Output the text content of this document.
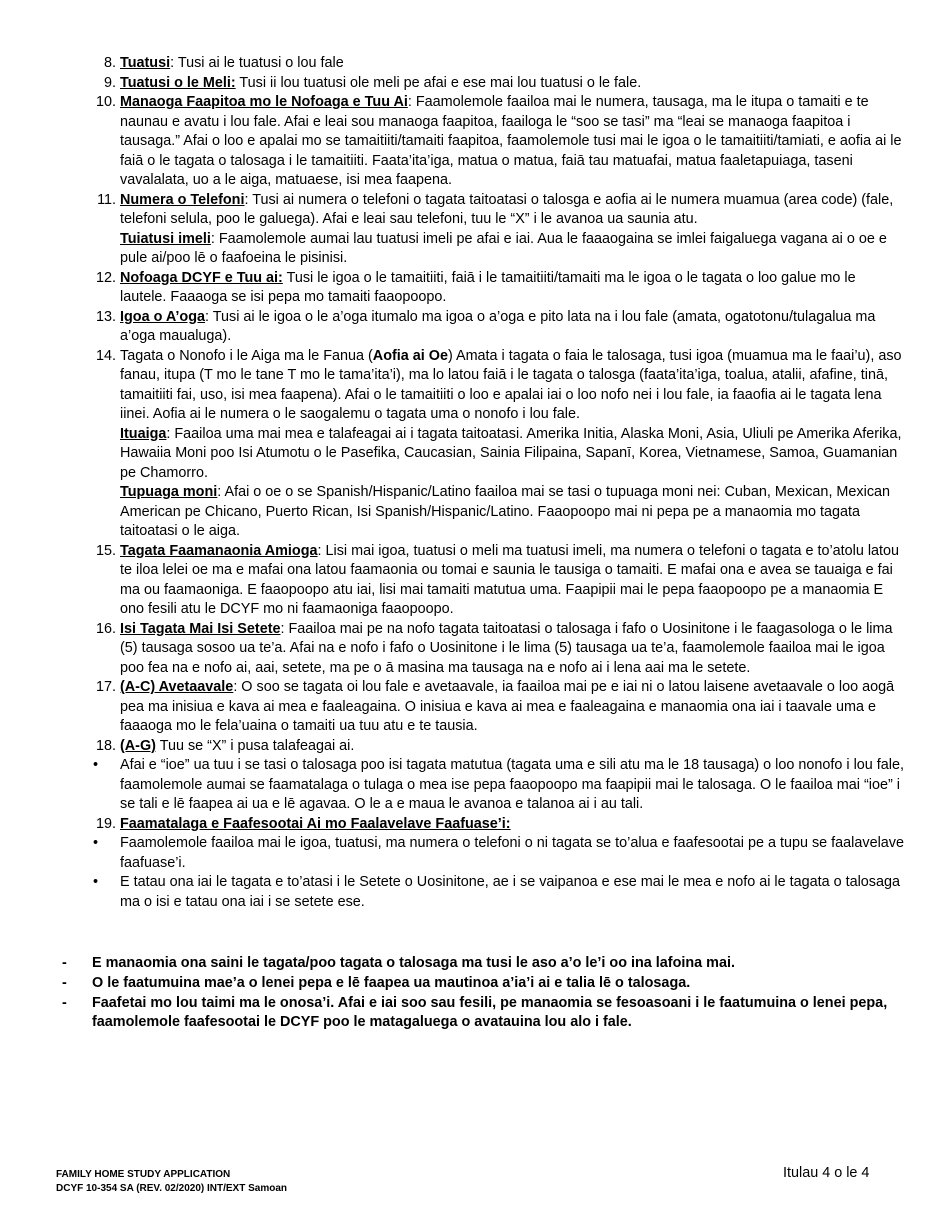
8. Tuatusi: Tusi ai le tuatusi o lou fale

9. Tuatusi o le Meli: Tusi ii lou tuatusi ole meli pe afai e ese mai lou tuatusi o le fale.

10. Manaoga Faapitoa mo le Nofoaga e Tuu Ai: Faamolemole faailoa mai le numera, tausaga, ma le itupa o tamaiti e te naunau e avatu i lou fale. Afai e leai sou manaoga faapitoa, faailoga le “soo se tasi” ma “leai se manaoga faapitoa i tausaga.” Afai o loo e apalai mo se tamaitiiti/tamaiti faapitoa, faamolemole tusi mai le igoa o le tamaitiiti/tamiati, e aofia ai le faiā o le tagata o talosaga i le tamaitiiti. Faata’ita’iga, matua o matua, faiā tau matuafai, matua faaletapuiaga, taseni vavalalata, uo a le aiga, matuaese, isi mea faapena.

11. Numera o Telefoni: Tusi ai numera o telefoni o tagata taitoatasi o talosga e aofia ai le numera muamua (area code) (fale, telefoni selula, poo le galuega). Afai e leai sau telefoni, tuu le “X” i le avanoa ua saunia atu.

Tuiatusi imeli: Faamolemole aumai lau tuatusi imeli pe afai e iai. Aua le faaaogaina se imlei faigaluega vagana ai o oe e pule ai/poo lē o faafoeina le pisinisi.

12. Nofoaga DCYF e Tuu ai: Tusi le igoa o le tamaitiiti, faiā i le tamaitiiti/tamaiti ma le igoa o le tagata o loo galue mo le lautele. Faaaoga se isi pepa mo tamaiti faaopoopo.

13. Igoa o A’oga: Tusi ai le igoa o le a’oga itumalo ma igoa o a’oga e pito lata na i lou fale (amata, ogatotonu/tulagalua ma a’oga maualuga).

14. Tagata o Nonofo i le Aiga ma le Fanua (Aofia ai Oe) Amata i tagata o faia le talosaga, tusi igoa (muamua ma le faai’u), aso fanau, itupa (T mo le tane T mo le tama’ita’i), ma lo latou faiā i le tagata o talosga (faata’ita’iga, toalua, atalii, afafine, tinā, tamaitiiti fai, uso, isi mea faapena). Afai o le tamaitiiti o loo e apalai iai o loo nofo nei i lou fale, ia faaofia ai le tagata lena iinei. Aofia ai le numera o le saogalemu o tagata uma o nonofo i lou fale.

Ituaiga: Faailoa uma mai mea e talafeagai ai i tagata taitoatasi. Amerika Initia, Alaska Moni, Asia, Uliuli pe Amerika Aferika, Hawaiia Moni poo Isi Atumotu o le Pasefika, Caucasian, Sainia Filipaina, Sapanī, Korea, Vietnamese, Samoa, Guamanian pe Chamorro.

Tupuaga moni: Afai o oe o se Spanish/Hispanic/Latino faailoa mai se tasi o tupuaga moni nei: Cuban, Mexican, Mexican American pe Chicano, Puerto Rican, Isi Spanish/Hispanic/Latino. Faaopoopo mai ni pepa pe a manaomia mo tagata taitoatasi o le aiga.

15. Tagata Faamanaonia Amioga: Lisi mai igoa, tuatusi o meli ma tuatusi imeli, ma numera o telefoni o tagata e to’atolu latou te iloa lelei oe ma e mafai ona latou faamaonia ou tomai e saunia le tausiga o tamaiti. E mafai ona e avea se tauaiga e fai ma ou faamaoniga. E faaopoopo atu iai, lisi mai tamaiti matutua uma. Faapipii mai le pepa faaopoopo pe a manaomia E ono fesili atu le DCYF mo ni faamaoniga faaopoopo.

16. Isi Tagata Mai Isi Setete: Faailoa mai pe na nofo tagata taitoatasi o talosaga i fafo o Uosinitone i le faagasologa o le lima (5) tausaga sosoo ua te’a. Afai na e nofo i fafo o Uosinitone i le lima (5) tausaga ua te’a, faamolemole faailoa mai le igoa poo fea na e nofo ai, aai, setete, ma pe o ā masina ma tausaga na e nofo ai i lena aai ma le setete.

17. (A-C) Avetaavale: O soo se tagata oi lou fale e avetaavale, ia faailoa mai pe e iai ni o latou laisene avetaavale o loo aogā pea ma inisiua e kava ai mea e faaleagaina. O inisiua e kava ai mea e faaleagaina e manaomia ona iai i taavale uma e faaaoga mo le fela’uaina o tamaiti ua tuu atu e te tausia.

18. (A-G) Tuu se “X” i pusa talafeagai ai.

• Afai e “ioe” ua tuu i se tasi o talosaga poo isi tagata matutua (tagata uma e sili atu ma le 18 tausaga) o loo nonofo i lou fale, faamolemole aumai se faamatalaga o tulaga o mea ise pepa faaopoopo ma faapipii mai le talosaga. O le faailoa mai “ioe” i se tali e lē faapea ai ua e lē agavaa. O le a e maua le avanoa e talanoa ai i au tali.

19. Faamatalaga e Faafesootai Ai mo Faalavelave Faafuase’i:

• Faamolemole faailoa mai le igoa, tuatusi, ma numera o telefoni o ni tagata se to’alua e faafesootai pe a tupu se faalavelave faafuase’i.

• E tatau ona iai le tagata e to’atasi i le Setete o Uosinitone, ae i se vaipanoa e ese mai le mea e nofo ai le tagata o talosaga ma o isi e tatau ona iai i se setete ese.

- E manaomia ona saini le tagata/poo tagata o talosaga ma tusi le aso a’o le’i oo ina lafoina mai.

- O le faatumuina mae’a o lenei pepa e lē faapea ua mautinoa a’ia’i ai e talia lē o talosaga.

- Faafetai mo lou taimi ma le onosa’i. Afai e iai soo sau fesili, pe manaomia se fesoasoani i le faatumuina o lenei pepa, faamolemole faafesootai le DCYF poo le matagaluega o avatauina lou alo i fale.

FAMILY HOME STUDY APPLICATION
DCYF 10-354 SA (REV. 02/2020) INT/EXT Samoan
Itulau 4 o le 4
